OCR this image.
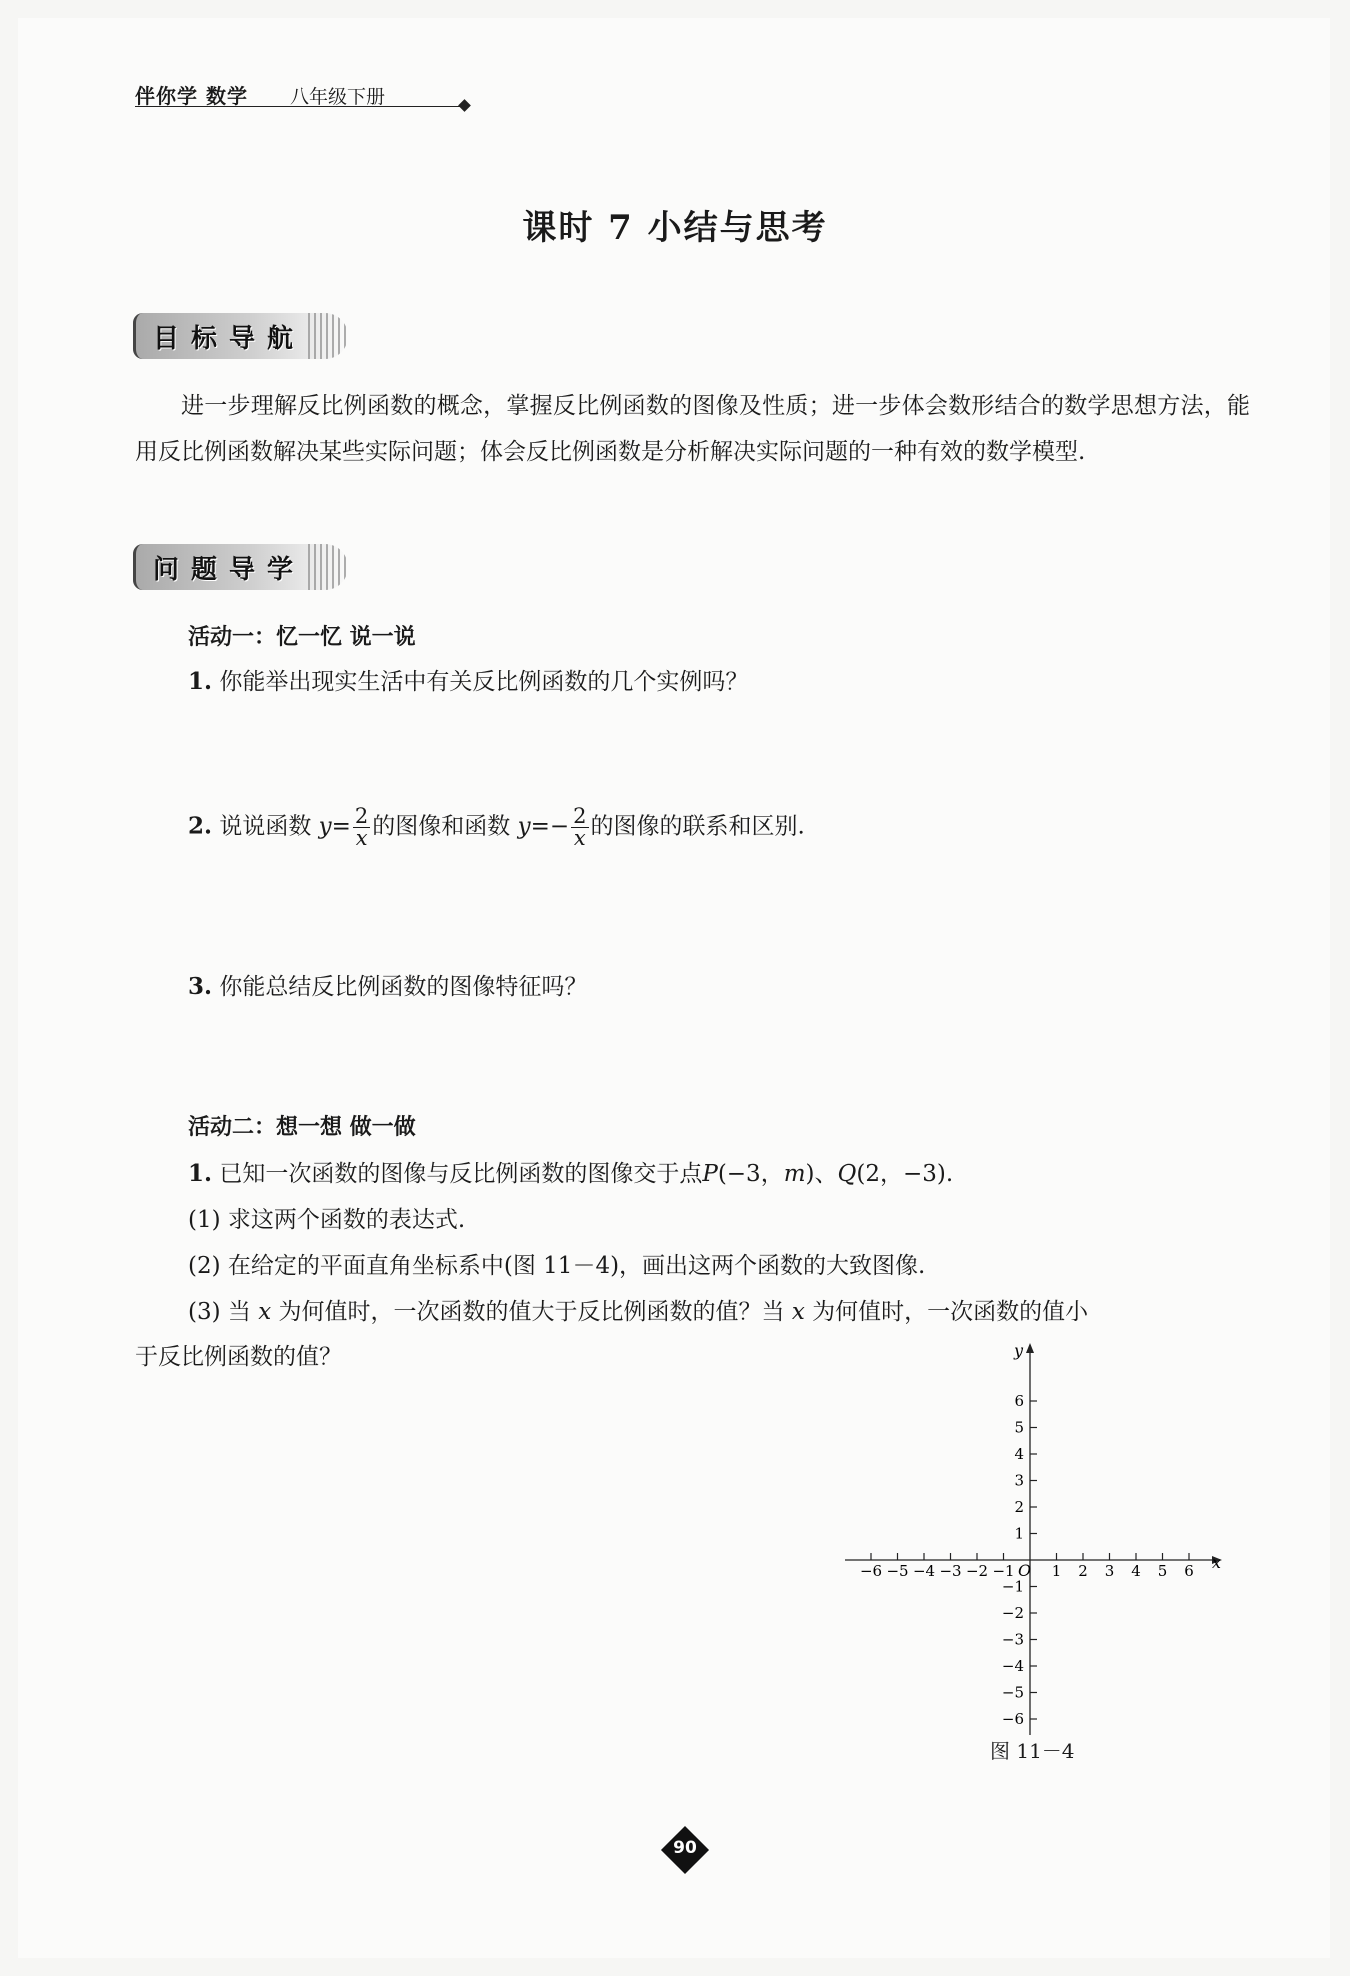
伴你学 数学 八年级下册
课时 7 小结与思考
目标导航
进一步理解反比例函数的概念，掌握反比例函数的图像及性质；进一步体会数形结合的数学思想方法，能用反比例函数解决某些实际问题；体会反比例函数是分析解决实际问题的一种有效的数学模型.
问题导学
活动一：忆一忆 说一说
1. 你能举出现实生活中有关反比例函数的几个实例吗？
2. 说说函数 $y= \frac{2}{x}$ 的图像和函数 $y=- \frac{2}{x}$ 的图像的联系和区别.
3. 你能总结反比例函数的图像特征吗？
活动二：想一想 做一做
1. 已知一次函数的图像与反比例函数的图像交于点P(−3，m)、Q(2，−3).
(1) 求这两个函数的表达式.
(2) 在给定的平面直角坐标系中(图 11－4)，画出这两个函数的大致图像.
(3) 当 x 为何值时，一次函数的值大于反比例函数的值？当 x 为何值时，一次函数的值小
于反比例函数的值？
x
y
O
−6 −5 −4 −3 −2 −1 1 2 3 4 5 6
6
5
4
3
2
1
−1
−2
−3
−4
−5
−6
图 11－4
90
